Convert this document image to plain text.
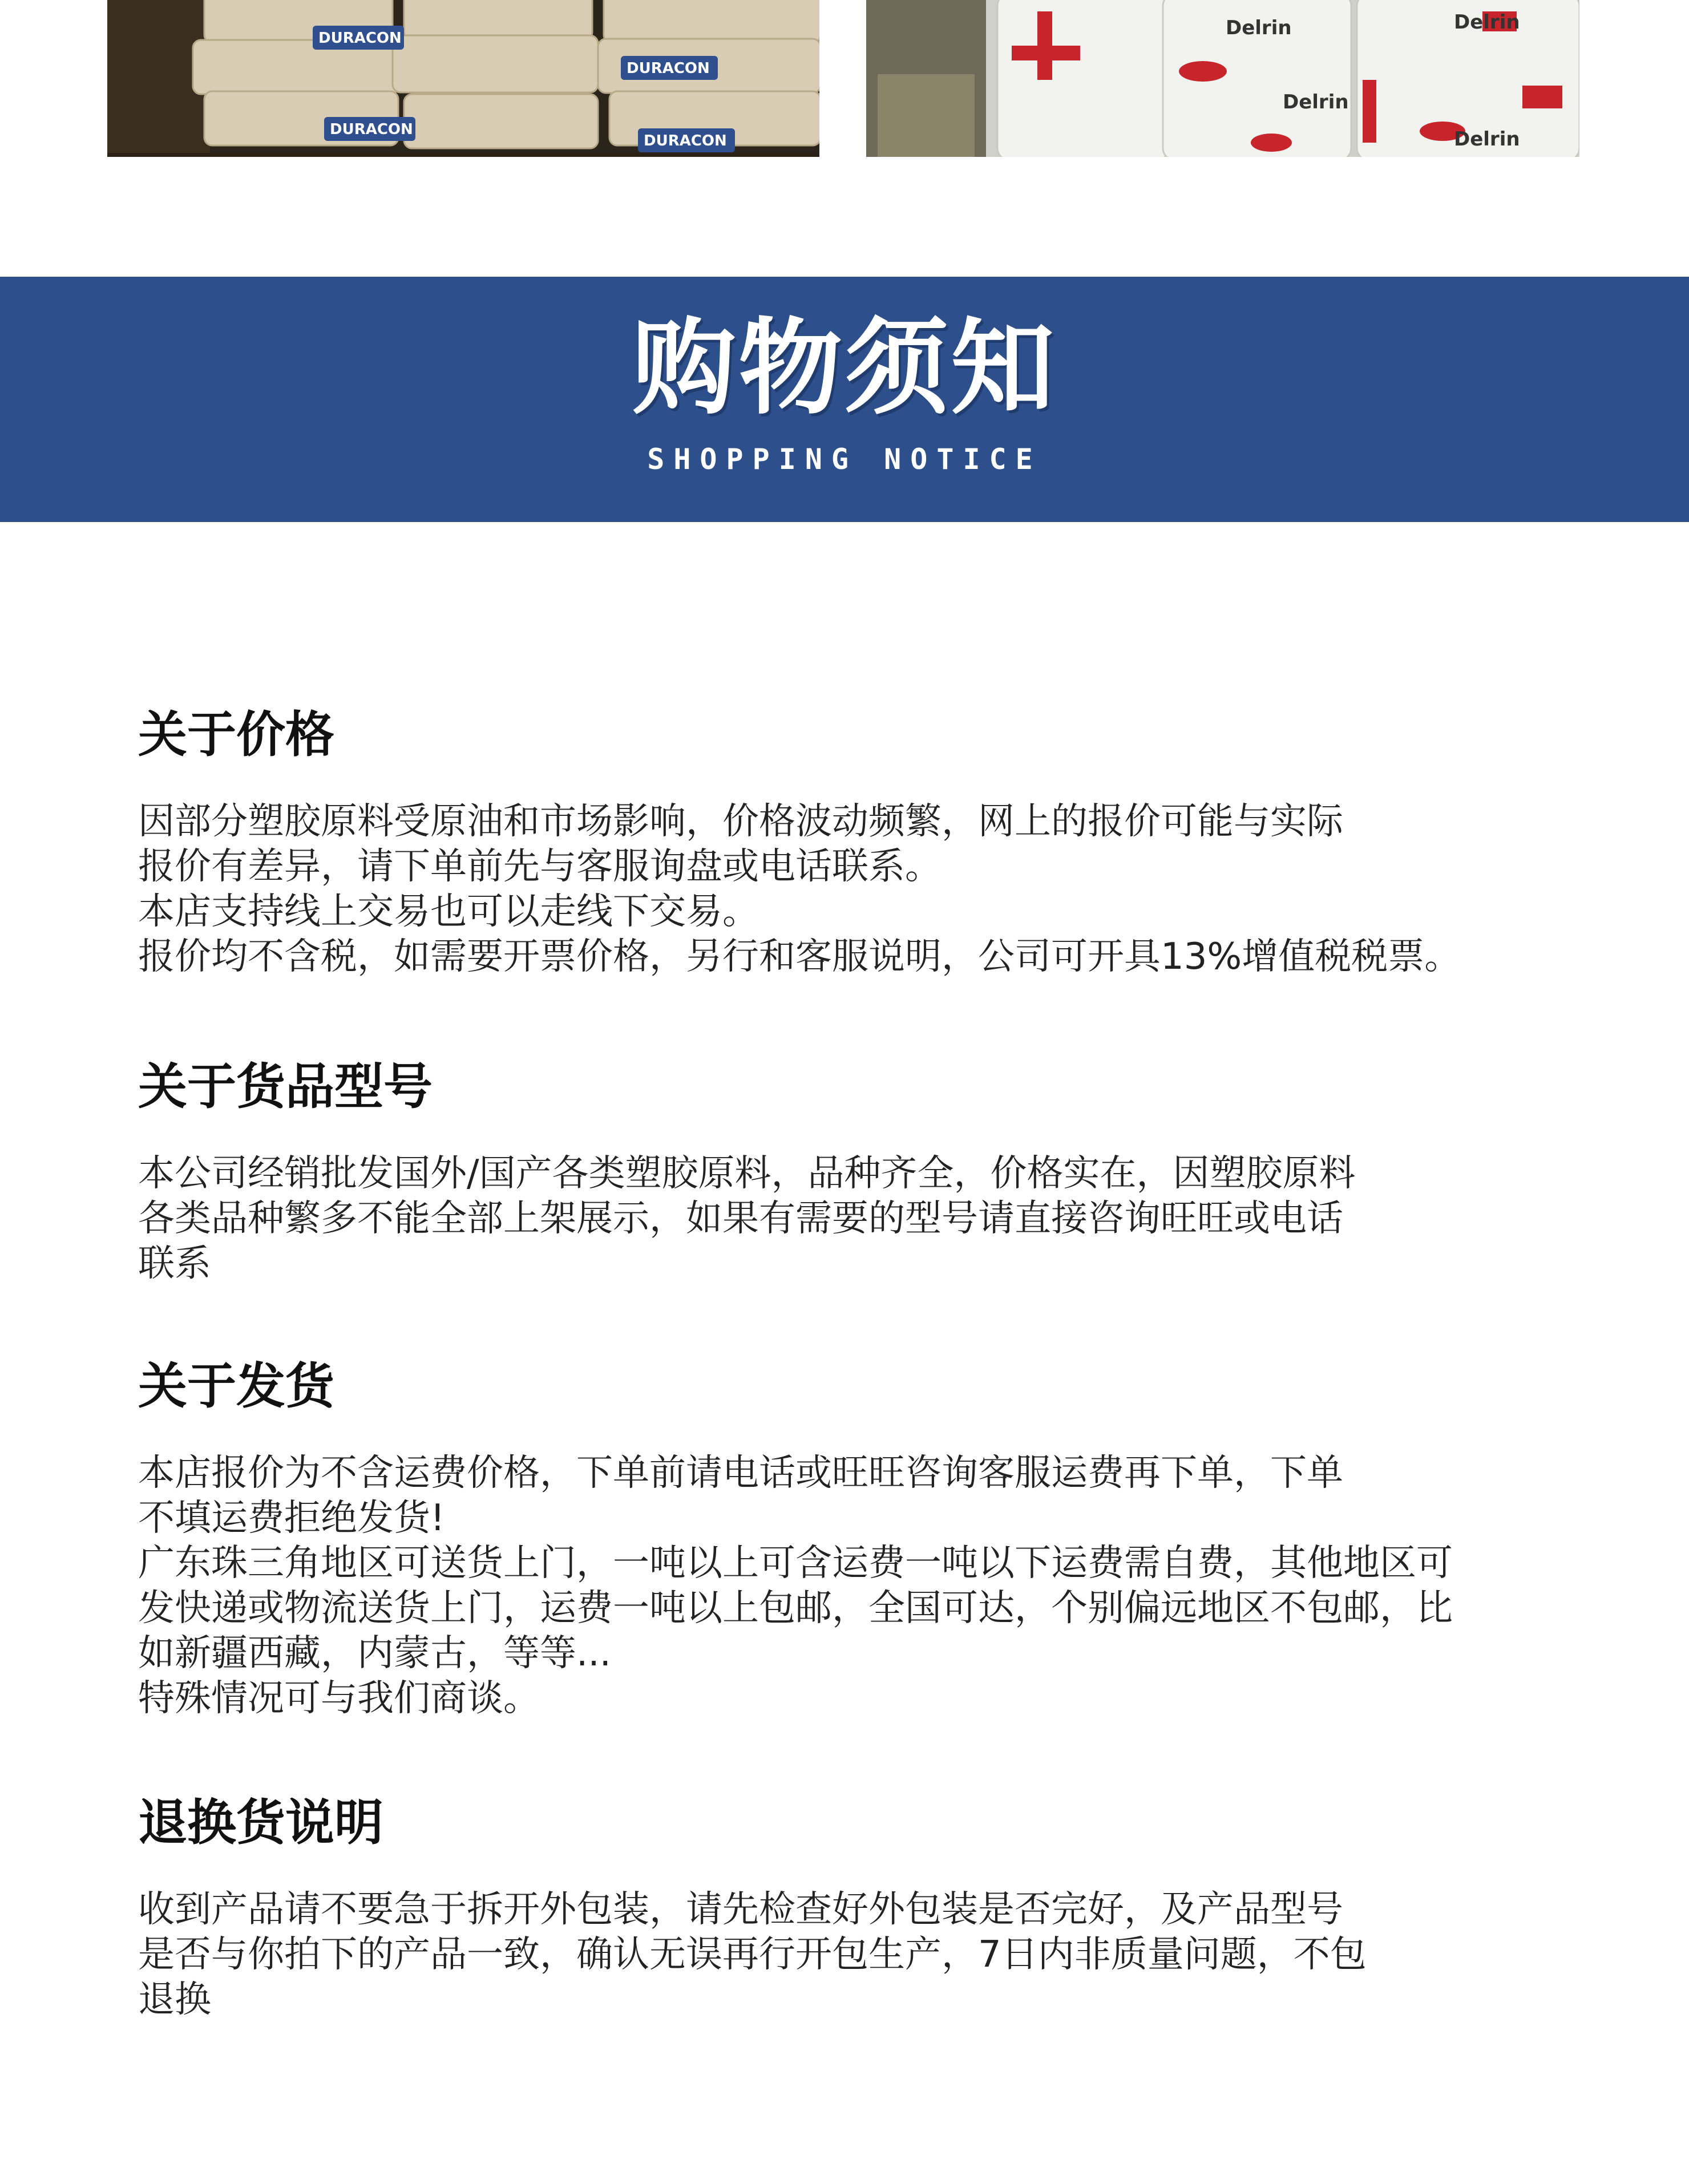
DURACON
DURACON
DURACON
DURACON
Delrin
Delrin
Delrin
Delrin
购物须知
SHOPPING NOTICE
关于价格
因部分塑胶原料受原油和市场影响，价格波动频繁，网上的报价可能与实际
报价有差异，请下单前先与客服询盘或电话联系。
本店支持线上交易也可以走线下交易。
报价均不含税，如需要开票价格，另行和客服说明，公司可开具13%增值税税票。
关于货品型号
本公司经销批发国外/国产各类塑胶原料，品种齐全，价格实在，因塑胶原料
各类品种繁多不能全部上架展示，如果有需要的型号请直接咨询旺旺或电话
联系
关于发货
本店报价为不含运费价格，下单前请电话或旺旺咨询客服运费再下单，下单
不填运费拒绝发货!
广东珠三角地区可送货上门，一吨以上可含运费一吨以下运费需自费，其他地区可
发快递或物流送货上门，运费一吨以上包邮，全国可达，个别偏远地区不包邮，比
如新疆西藏，内蒙古，等等...
特殊情况可与我们商谈。
退换货说明
收到产品请不要急于拆开外包装，请先检查好外包装是否完好，及产品型号
是否与你拍下的产品一致，确认无误再行开包生产，7日内非质量问题，不包
退换
